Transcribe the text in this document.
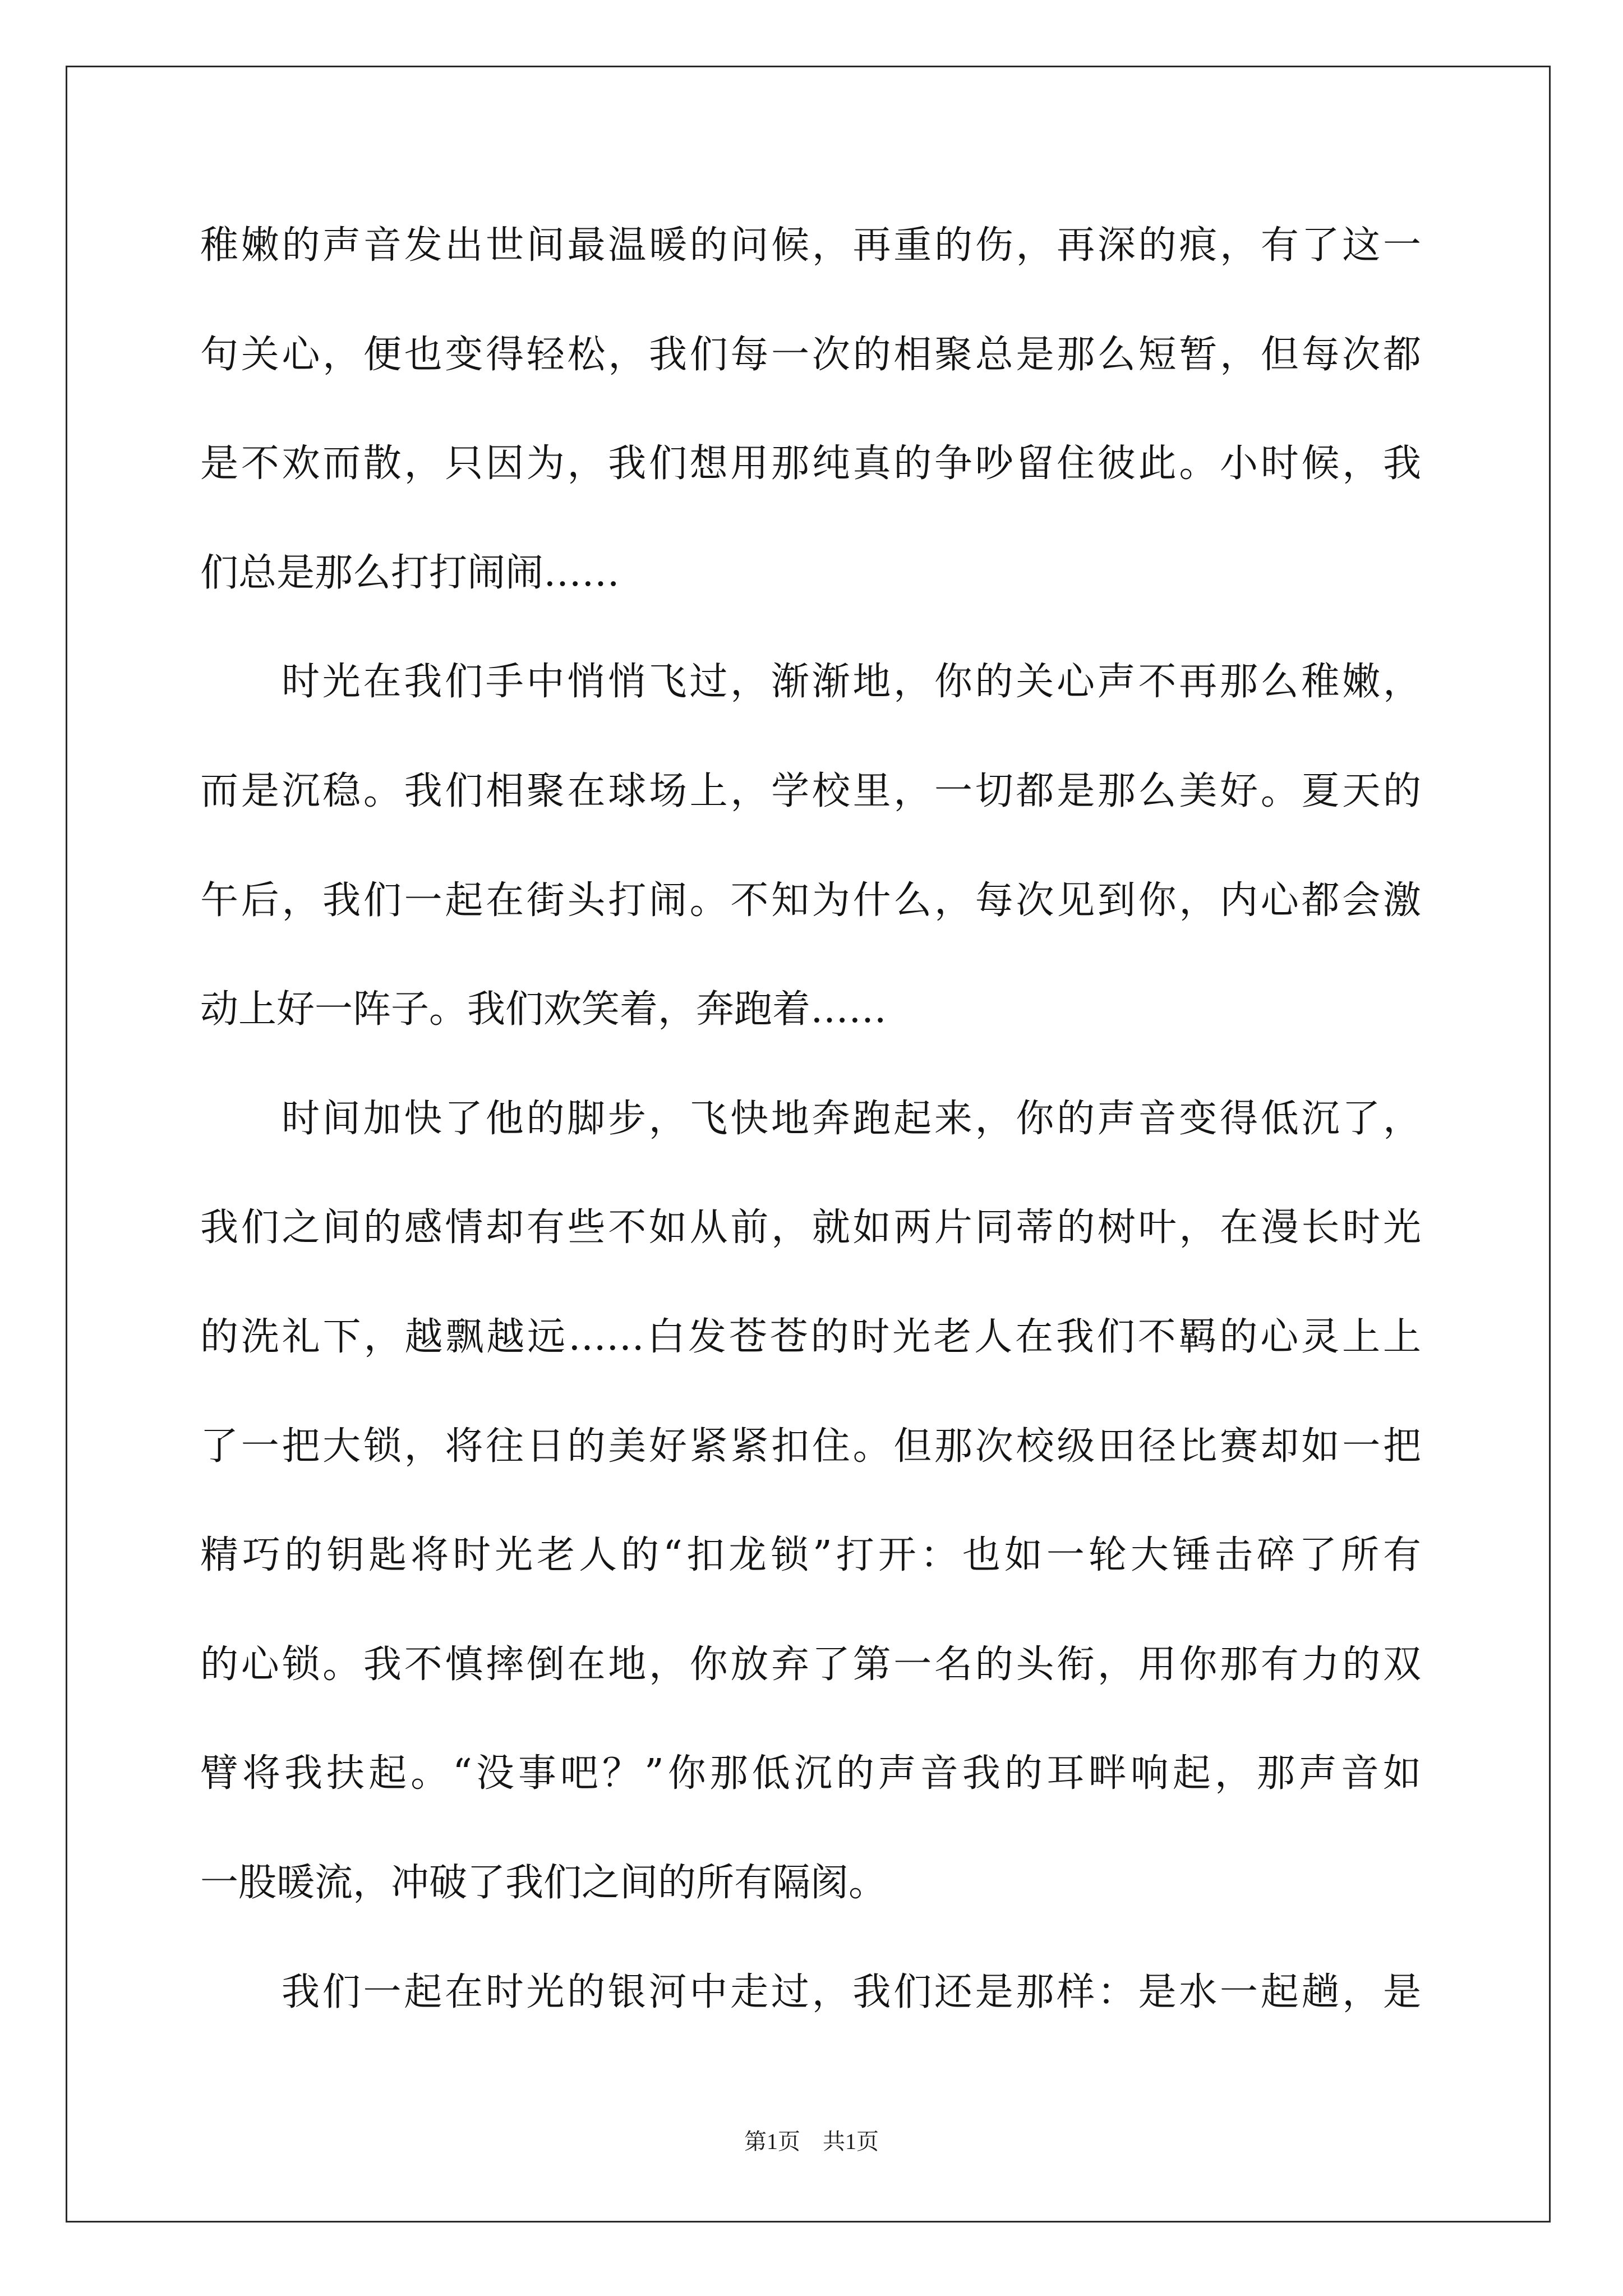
稚嫩的声音发出世间最温暖的问候，再重的伤，再深的痕，有了这一
句关心，便也变得轻松，我们每一次的相聚总是那么短暂，但每次都
是不欢而散，只因为，我们想用那纯真的争吵留住彼此。小时候，我
们总是那么打打闹闹……
时光在我们手中悄悄飞过，渐渐地，你的关心声不再那么稚嫩，
而是沉稳。我们相聚在球场上，学校里，一切都是那么美好。夏天的
午后，我们一起在街头打闹。不知为什么，每次见到你，内心都会激
动上好一阵子。我们欢笑着，奔跑着……
时间加快了他的脚步，飞快地奔跑起来，你的声音变得低沉了，
我们之间的感情却有些不如从前，就如两片同蒂的树叶，在漫长时光
的洗礼下，越飘越远……白发苍苍的时光老人在我们不羁的心灵上上
了一把大锁，将往日的美好紧紧扣住。但那次校级田径比赛却如一把
精巧的钥匙将时光老人的“扣龙锁”打开：也如一轮大锤击碎了所有
的心锁。我不慎摔倒在地，你放弃了第一名的头衔，用你那有力的双
臂将我扶起。“没事吧？”你那低沉的声音我的耳畔响起，那声音如
一股暖流，冲破了我们之间的所有隔阂。
我们一起在时光的银河中走过，我们还是那样：是水一起趟，是
第1页　共1页
